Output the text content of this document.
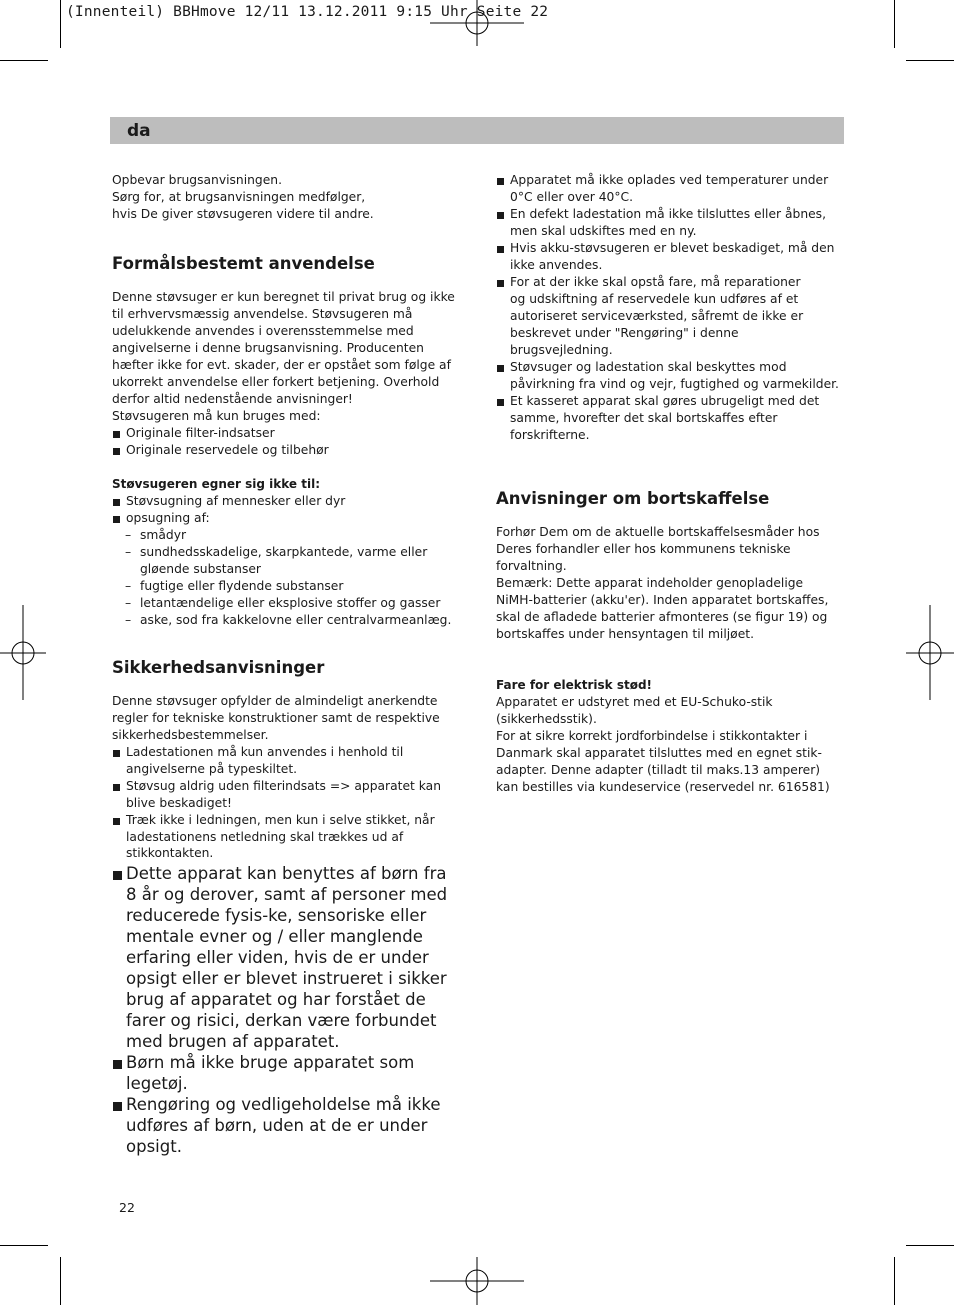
(Innenteil) BBHmove 12/11 13.12.2011 9:15 Uhr Seite 22
da

Opbevar brugsanvisningen.

Sørg for, at brugsanvisningen medfølger,

hvis De giver støvsugeren videre til andre.

Formålsbestemt anvendelse

Denne støvsuger er kun beregnet til privat brug og ikke

til erhvervsmæssig anvendelse. Støvsugeren må

udelukkende anvendes i overensstemmelse med

angivelserne i denne brugsanvisning. Producenten

hæfter ikke for evt. skader, der er opstået som følge af

ukorrekt anvendelse eller forkert betjening. Overhold

derfor altid nedenstående anvisninger!

Støvsugeren må kun bruges med:

Originale filter-indsatser

Originale reservedele og tilbehør

Støvsugeren egner sig ikke til:

Støvsugning af mennesker eller dyr

opsugning af:

– smådyr

– sundhedsskadelige, skarpkantede, varme eller

gløende substanser

– fugtige eller flydende substanser

– letantændelige eller eksplosive stoffer og gasser

– aske, sod fra kakkelovne eller centralvarmeanlæg.

Sikkerhedsanvisninger

Denne støvsuger opfylder de almindeligt anerkendte

regler for tekniske konstruktioner samt de respektive

sikkerhedsbestemmelser.

Ladestationen må kun anvendes i henhold til

angivelserne på typeskiltet.

Støvsug aldrig uden filterindsats => apparatet kan

blive beskadiget!

Træk ikke i ledningen, men kun i selve stikket, når

ladestationens netledning skal trækkes ud af

stikkontakten.

Dette apparat kan benyttes af børn fra

8 år og derover, samt af personer med

reducerede fysis-ke, sensoriske eller

mentale evner og / eller manglende

erfaring eller viden, hvis de er under

opsigt eller er blevet instrueret i sikker

brug af apparatet og har forstået de

farer og risici, derkan være forbundet

med brugen af apparatet.

Børn må ikke bruge apparatet som

legetøj.

Rengøring og vedligeholdelse må ikke

udføres af børn, uden at de er under

opsigt.

Apparatet må ikke oplades ved temperaturer under

0°C eller over 40°C.

En defekt ladestation må ikke tilsluttes eller åbnes,

men skal udskiftes med en ny.

Hvis akku-støvsugeren er blevet beskadiget, må den

ikke anvendes.

For at der ikke skal opstå fare, må reparationer

og udskiftning af reservedele kun udføres af et

autoriseret serviceværksted, såfremt de ikke er

beskrevet under "Rengøring" i denne

brugsvejledning.

Støvsuger og ladestation skal beskyttes mod

påvirkning fra vind og vejr, fugtighed og varmekilder.

Et kasseret apparat skal gøres ubrugeligt med det

samme, hvorefter det skal bortskaffes efter

forskrifterne.

Anvisninger om bortskaffelse

Forhør Dem om de aktuelle bortskaffelsesmåder hos

Deres forhandler eller hos kommunens tekniske

forvaltning.

Bemærk: Dette apparat indeholder genopladelige

NiMH-batterier (akku'er). Inden apparatet bortskaffes,

skal de afladede batterier afmonteres (se figur 19) og

bortskaffes under hensyntagen til miljøet.

Fare for elektrisk stød!

Apparatet er udstyret med et EU-Schuko-stik

(sikkerhedsstik).

For at sikre korrekt jordforbindelse i stikkontakter i

Danmark skal apparatet tilsluttes med en egnet stik-

adapter. Denne adapter (tilladt til maks.13 amperer)

kan bestilles via kundeservice (reservedel nr. 616581)

22
